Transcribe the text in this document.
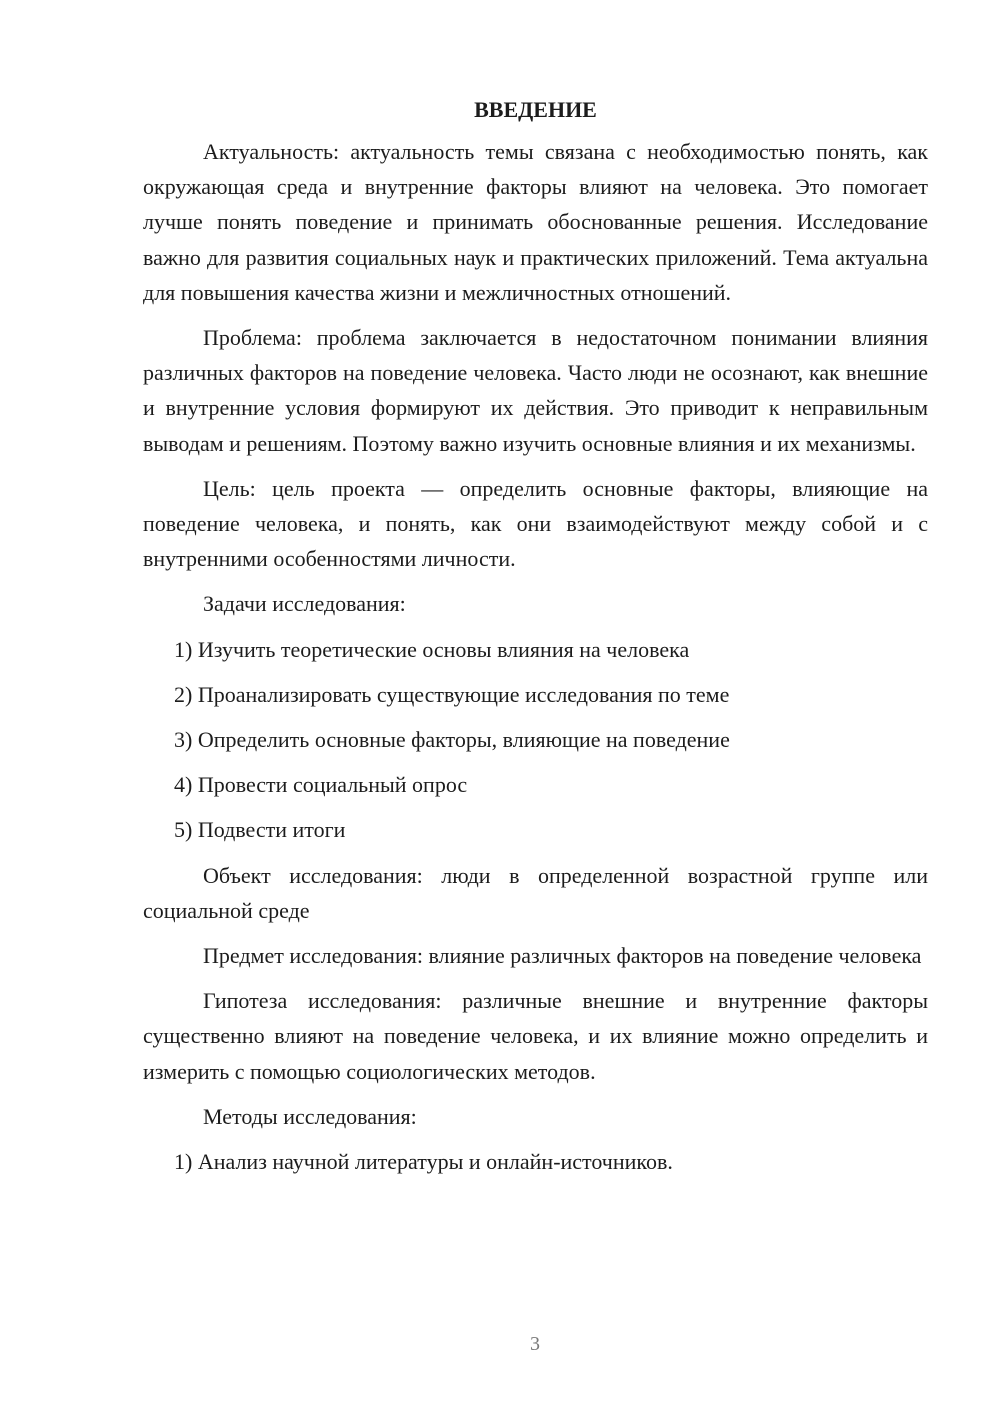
ВВЕДЕНИЕ

Актуальность: актуальность темы связана с необходимостью понять, как окружающая среда и внутренние факторы влияют на человека. Это помогает лучше понять поведение и принимать обоснованные решения. Исследование важно для развития социальных наук и практических приложений. Тема актуальна для повышения качества жизни и межличностных отношений.

Проблема: проблема заключается в недостаточном понимании влияния различных факторов на поведение человека. Часто люди не осознают, как внешние и внутренние условия формируют их действия. Это приводит к неправильным выводам и решениям. Поэтому важно изучить основные влияния и их механизмы.

Цель: цель проекта — определить основные факторы, влияющие на поведение человека, и понять, как они взаимодействуют между собой и с внутренними особенностями личности.

Задачи исследования:

1) Изучить теоретические основы влияния на человека
2) Проанализировать существующие исследования по теме
3) Определить основные факторы, влияющие на поведение
4) Провести социальный опрос
5) Подвести итоги

Объект исследования: люди в определенной возрастной группе или социальной среде

Предмет исследования: влияние различных факторов на поведение человека

Гипотеза исследования: различные внешние и внутренние факторы существенно влияют на поведение человека, и их влияние можно определить и измерить с помощью социологических методов.

Методы исследования:

1) Анализ научной литературы и онлайн-источников.
3
